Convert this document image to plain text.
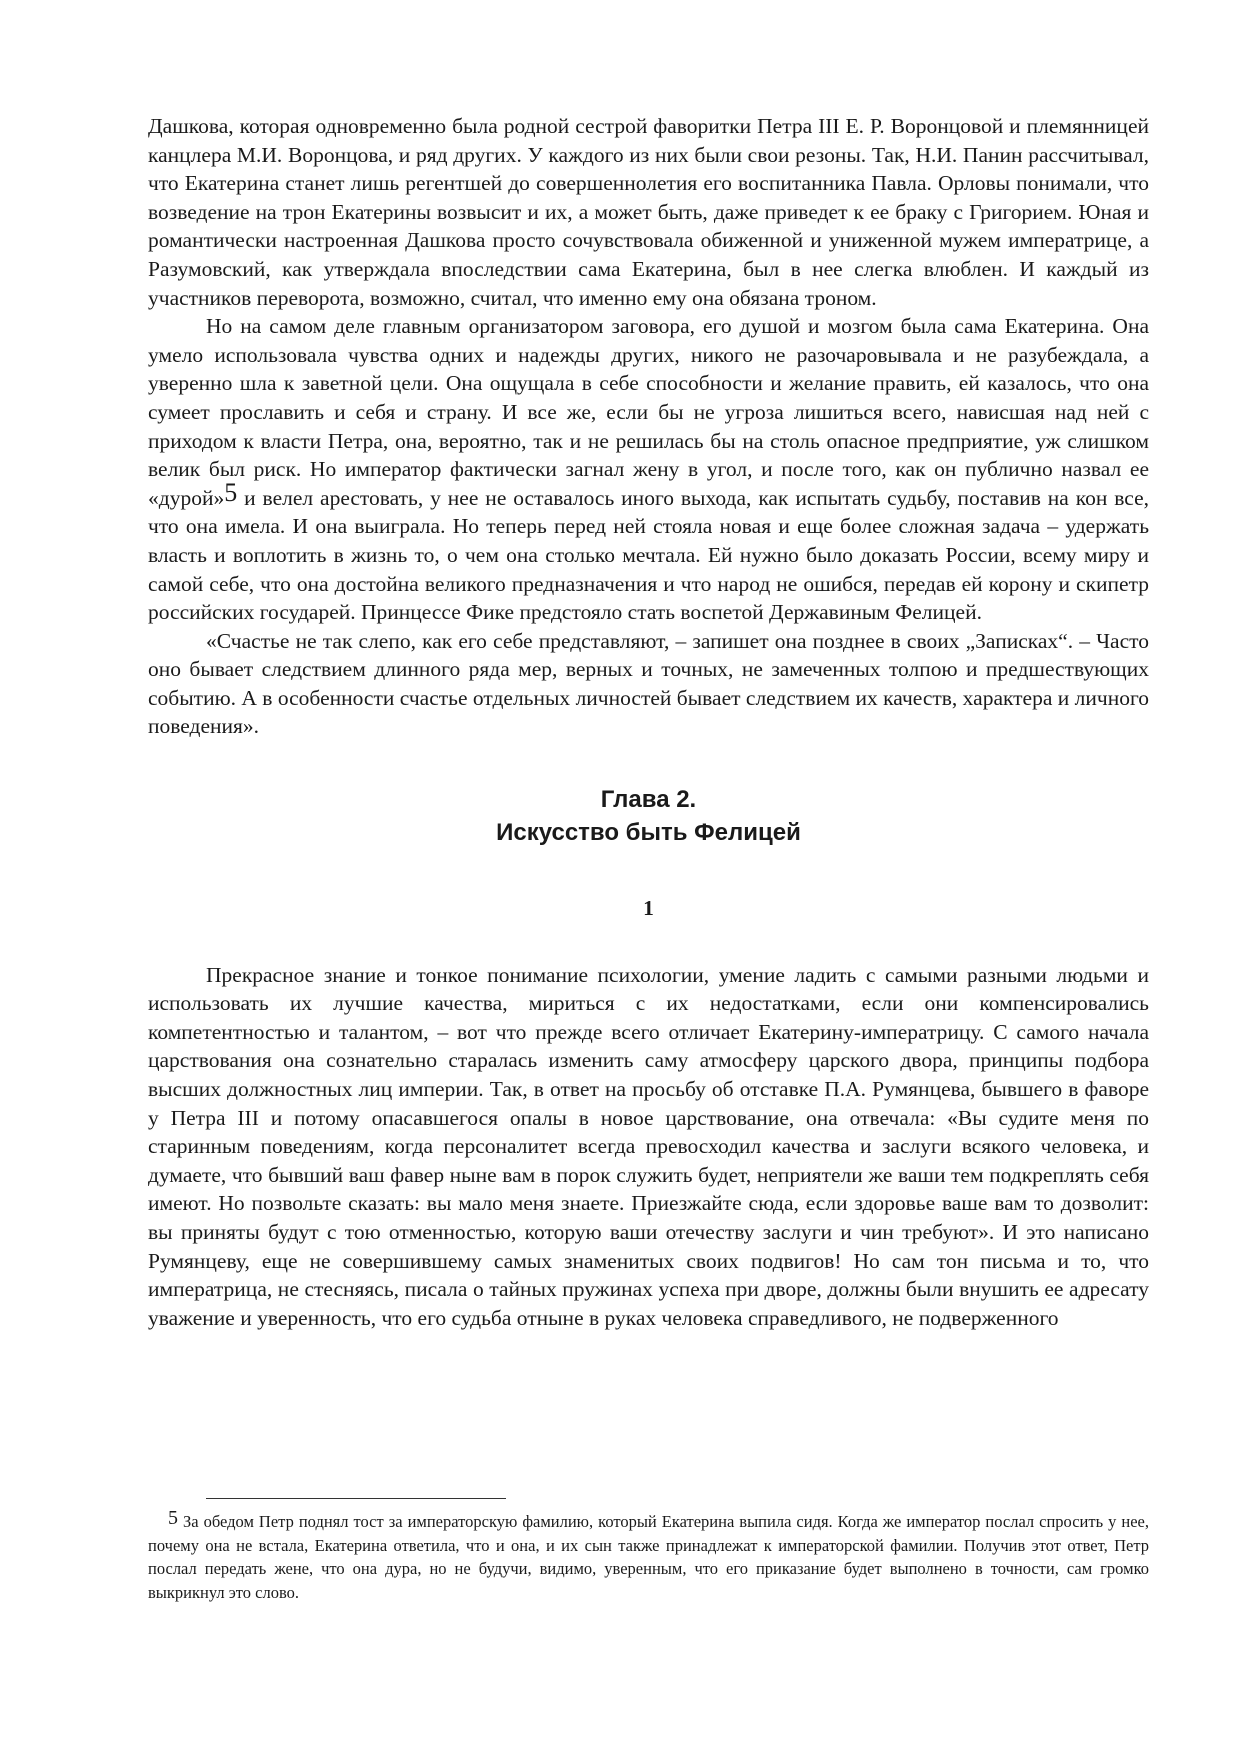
Дашкова, которая одновременно была родной сестрой фаворитки Петра III Е. Р. Воронцовой и племянницей канцлера М.И. Воронцова, и ряд других. У каждого из них были свои резоны. Так, Н.И. Панин рассчитывал, что Екатерина станет лишь регентшей до совершеннолетия его воспитанника Павла. Орловы понимали, что возведение на трон Екатерины возвысит и их, а может быть, даже приведет к ее браку с Григорием. Юная и романтически настроенная Дашкова просто сочувствовала обиженной и униженной мужем императрице, а Разумовский, как утверждала впоследствии сама Екатерина, был в нее слегка влюблен. И каждый из участников переворота, возможно, считал, что именно ему она обязана троном.

Но на самом деле главным организатором заговора, его душой и мозгом была сама Екатерина. Она умело использовала чувства одних и надежды других, никого не разочаровывала и не разубеждала, а уверенно шла к заветной цели. Она ощущала в себе способности и желание править, ей казалось, что она сумеет прославить и себя и страну. И все же, если бы не угроза лишиться всего, нависшая над ней с приходом к власти Петра, она, вероятно, так и не решилась бы на столь опасное предприятие, уж слишком велик был риск. Но император фактически загнал жену в угол, и после того, как он публично назвал ее «дурой»$^5$ и велел арестовать, у нее не оставалось иного выхода, как испытать судьбу, поставив на кон все, что она имела. И она выиграла. Но теперь перед ней стояла новая и еще более сложная задача – удержать власть и воплотить в жизнь то, о чем она столько мечтала. Ей нужно было доказать России, всему миру и самой себе, что она достойна великого предназначения и что народ не ошибся, передав ей корону и скипетр российских государей. Принцессе Фике предстояло стать воспетой Державиным Фелицей.

«Счастье не так слепо, как его себе представляют, – запишет она позднее в своих „Записках“. – Часто оно бывает следствием длинного ряда мер, верных и точных, не замеченных толпою и предшествующих событию. А в особенности счастье отдельных личностей бывает следствием их качеств, характера и личного поведения».

Глава 2.
Искусство быть Фелицей
1

Прекрасное знание и тонкое понимание психологии, умение ладить с самыми разными людьми и использовать их лучшие качества, мириться с их недостатками, если они компенсировались компетентностью и талантом, – вот что прежде всего отличает Екатерину-императрицу. С самого начала царствования она сознательно старалась изменить саму атмосферу царского двора, принципы подбора высших должностных лиц империи. Так, в ответ на просьбу об отставке П.А. Румянцева, бывшего в фаворе у Петра III и потому опасавшегося опалы в новое царствование, она отвечала: «Вы судите меня по старинным поведениям, когда персоналитет всегда превосходил качества и заслуги всякого человека, и думаете, что бывший ваш фавер ныне вам в порок служить будет, неприятели же ваши тем подкреплять себя имеют. Но позвольте сказать: вы мало меня знаете. Приезжайте сюда, если здоровье ваше вам то дозволит: вы приняты будут с тою отменностью, которую ваши отечеству заслуги и чин требуют». И это написано Румянцеву, еще не совершившему самых знаменитых своих подвигов! Но сам тон письма и то, что императрица, не стесняясь, писала о тайных пружинах успеха при дворе, должны были внушить ее адресату уважение и уверенность, что его судьба отныне в руках человека справедливого, не подверженного

$^5$ За обедом Петр поднял тост за императорскую фамилию, который Екатерина выпила сидя. Когда же император послал спросить у нее, почему она не встала, Екатерина ответила, что и она, и их сын также принадлежат к императорской фамилии. Получив этот ответ, Петр послал передать жене, что она дура, но не будучи, видимо, уверенным, что его приказание будет выполнено в точности, сам громко выкрикнул это слово.
